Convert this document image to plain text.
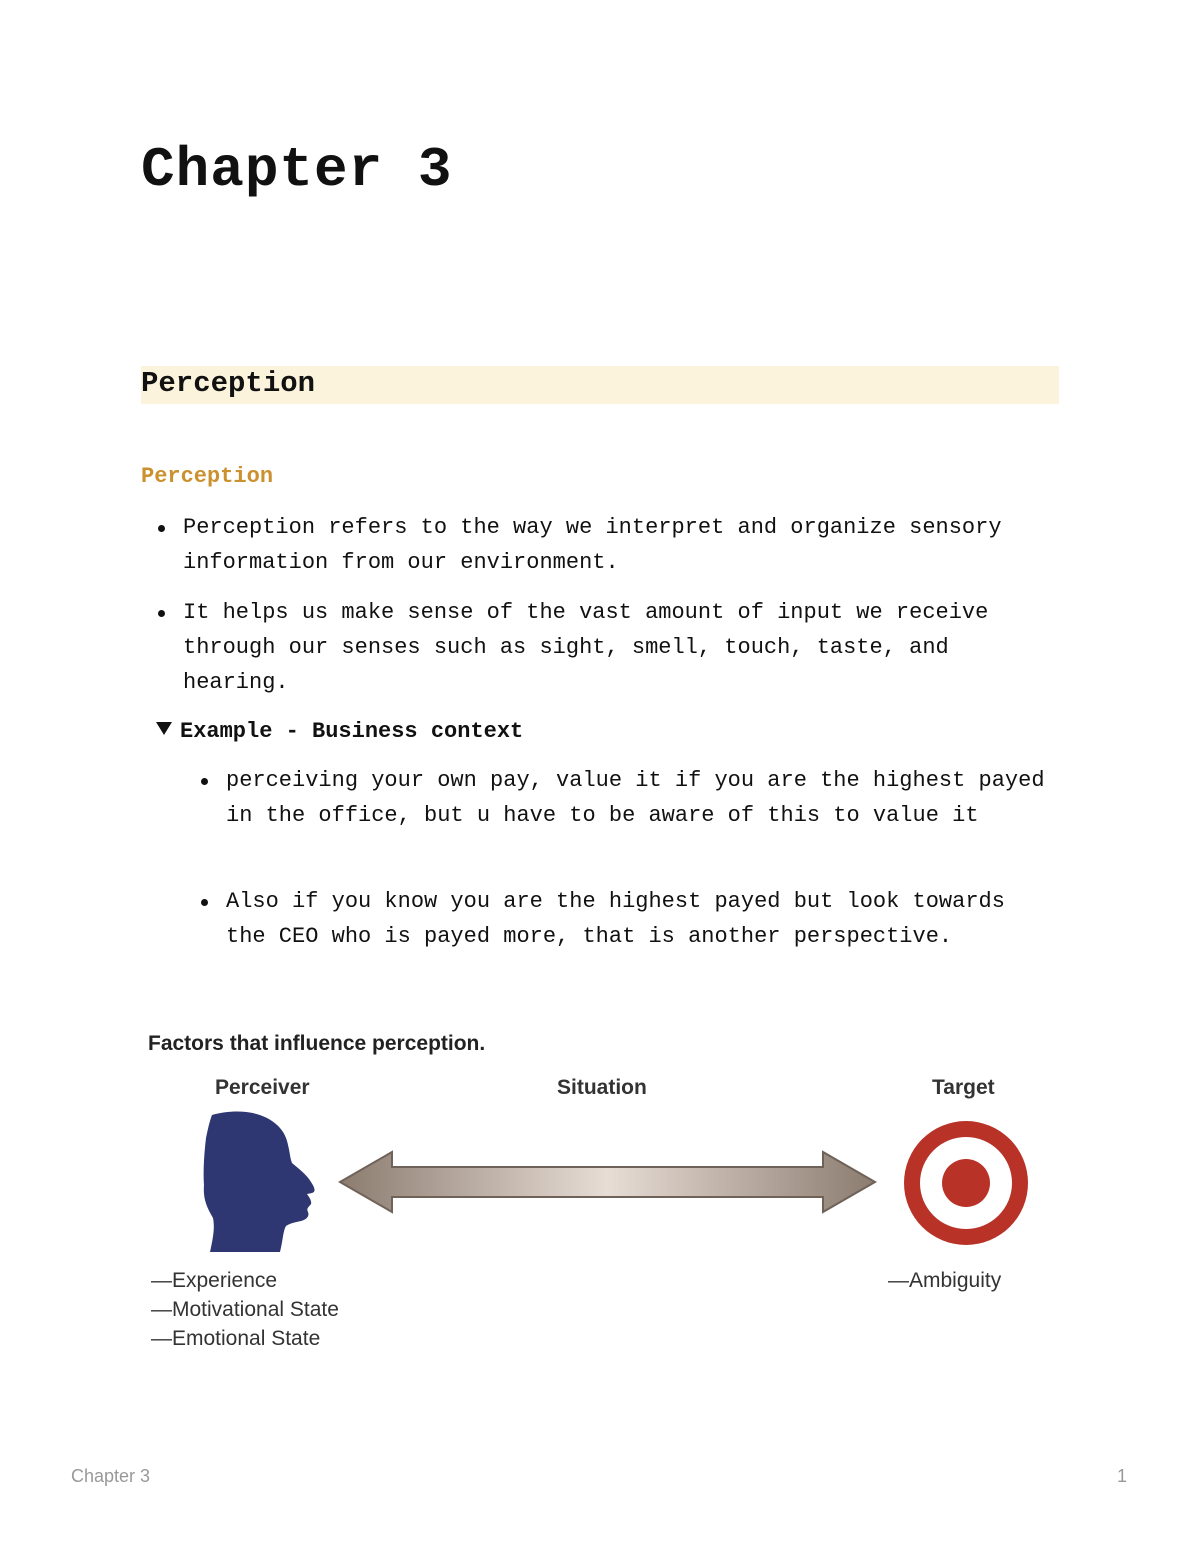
Chapter 3
Perception
Perception
Perception refers to the way we interpret and organize sensory information from our environment.
It helps us make sense of the vast amount of input we receive through our senses such as sight, smell, touch, taste, and hearing.
Example - Business context
perceiving your own pay, value it if you are the highest payed in the office, but u have to be aware of this to value it
Also if you know you are the highest payed but look towards the CEO who is payed more, that is another perspective.
Factors that influence perception.
Perceiver	Situation	Target
—Experience
—Motivational State
—Emotional State
—Ambiguity
Chapter 3	1
